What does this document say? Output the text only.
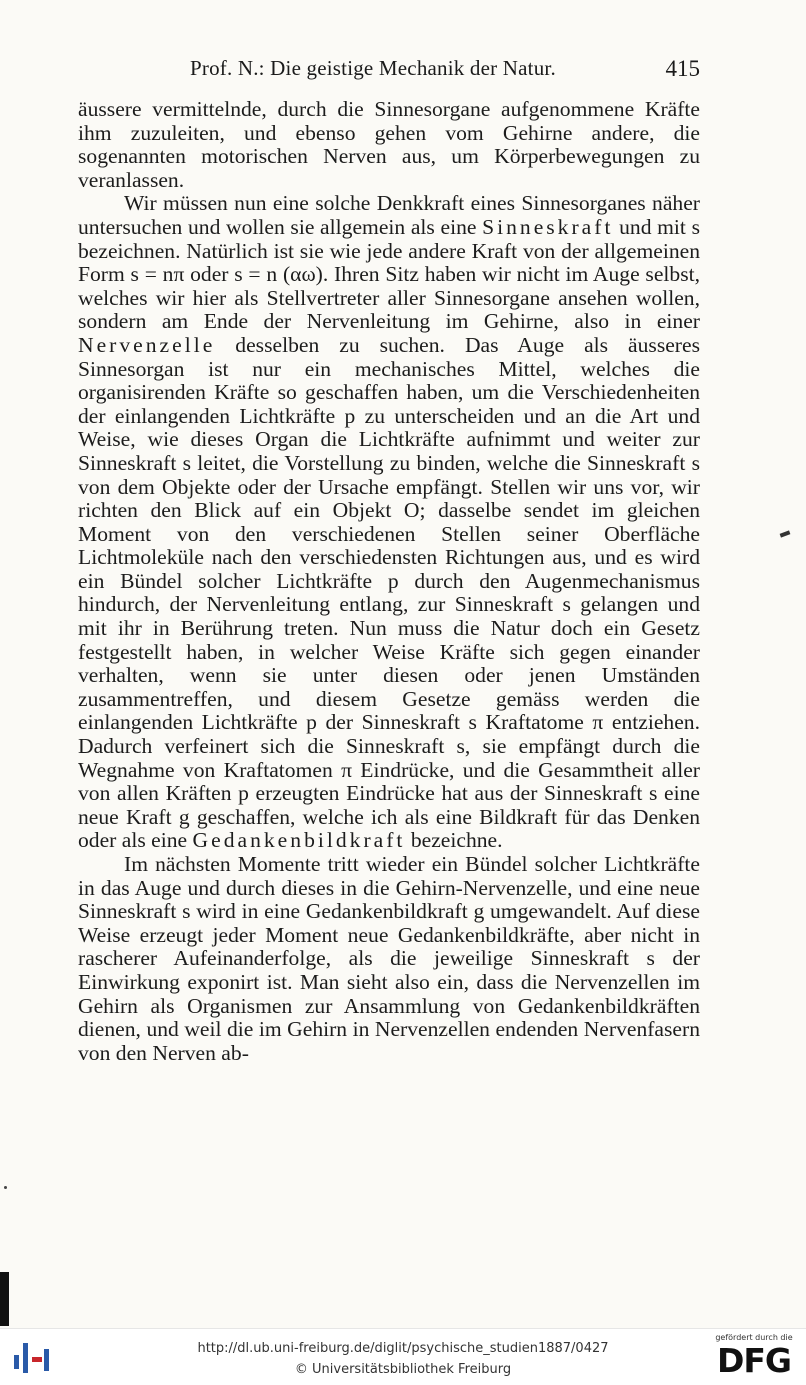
Prof. N.: Die geistige Mechanik der Natur.	415

äussere vermittelnde, durch die Sinnesorgane aufgenommene Kräfte ihm zuzuleiten, und ebenso gehen vom Gehirne andere, die sogenannten motorischen Nerven aus, um Körperbewegungen zu veranlassen.

Wir müssen nun eine solche Denkkraft eines Sinnesorganes näher untersuchen und wollen sie allgemein als eine Sinneskraft und mit s bezeichnen. Natürlich ist sie wie jede andere Kraft von der allgemeinen Form s = nπ oder s = n (αω). Ihren Sitz haben wir nicht im Auge selbst, welches wir hier als Stellvertreter aller Sinnesorgane ansehen wollen, sondern am Ende der Nervenleitung im Gehirne, also in einer Nervenzelle desselben zu suchen. Das Auge als äusseres Sinnesorgan ist nur ein mechanisches Mittel, welches die organisirenden Kräfte so geschaffen haben, um die Verschiedenheiten der einlangenden Lichtkräfte p zu unterscheiden und an die Art und Weise, wie dieses Organ die Lichtkräfte aufnimmt und weiter zur Sinneskraft s leitet, die Vorstellung zu binden, welche die Sinneskraft s von dem Objekte oder der Ursache empfängt. Stellen wir uns vor, wir richten den Blick auf ein Objekt O; dasselbe sendet im gleichen Moment von den verschiedenen Stellen seiner Oberfläche Lichtmoleküle nach den verschiedensten Richtungen aus, und es wird ein Bündel solcher Lichtkräfte p durch den Augenmechanismus hindurch, der Nervenleitung entlang, zur Sinneskraft s gelangen und mit ihr in Berührung treten. Nun muss die Natur doch ein Gesetz festgestellt haben, in welcher Weise Kräfte sich gegen einander verhalten, wenn sie unter diesen oder jenen Umständen zusammentreffen, und diesem Gesetze gemäss werden die einlangenden Lichtkräfte p der Sinneskraft s Kraftatome π entziehen. Dadurch verfeinert sich die Sinneskraft s, sie empfängt durch die Wegnahme von Kraftatomen π Eindrücke, und die Gesammtheit aller von allen Kräften p erzeugten Eindrücke hat aus der Sinneskraft s eine neue Kraft g geschaffen, welche ich als eine Bildkraft für das Denken oder als eine Gedankenbildkraft bezeichne.

Im nächsten Momente tritt wieder ein Bündel solcher Lichtkräfte in das Auge und durch dieses in die Gehirn-Nervenzelle, und eine neue Sinneskraft s wird in eine Gedankenbildkraft g umgewandelt. Auf diese Weise erzeugt jeder Moment neue Gedankenbildkräfte, aber nicht in rascherer Aufeinanderfolge, als die jeweilige Sinneskraft s der Einwirkung exponirt ist. Man sieht also ein, dass die Nervenzellen im Gehirn als Organismen zur Ansammlung von Gedankenbildkräften dienen, und weil die im Gehirn in Nervenzellen endenden Nervenfasern von den Nerven ab-

http://dl.ub.uni-freiburg.de/diglit/psychische_studien1887/0427
© Universitätsbibliothek Freiburg
gefördert durch die
DFG
